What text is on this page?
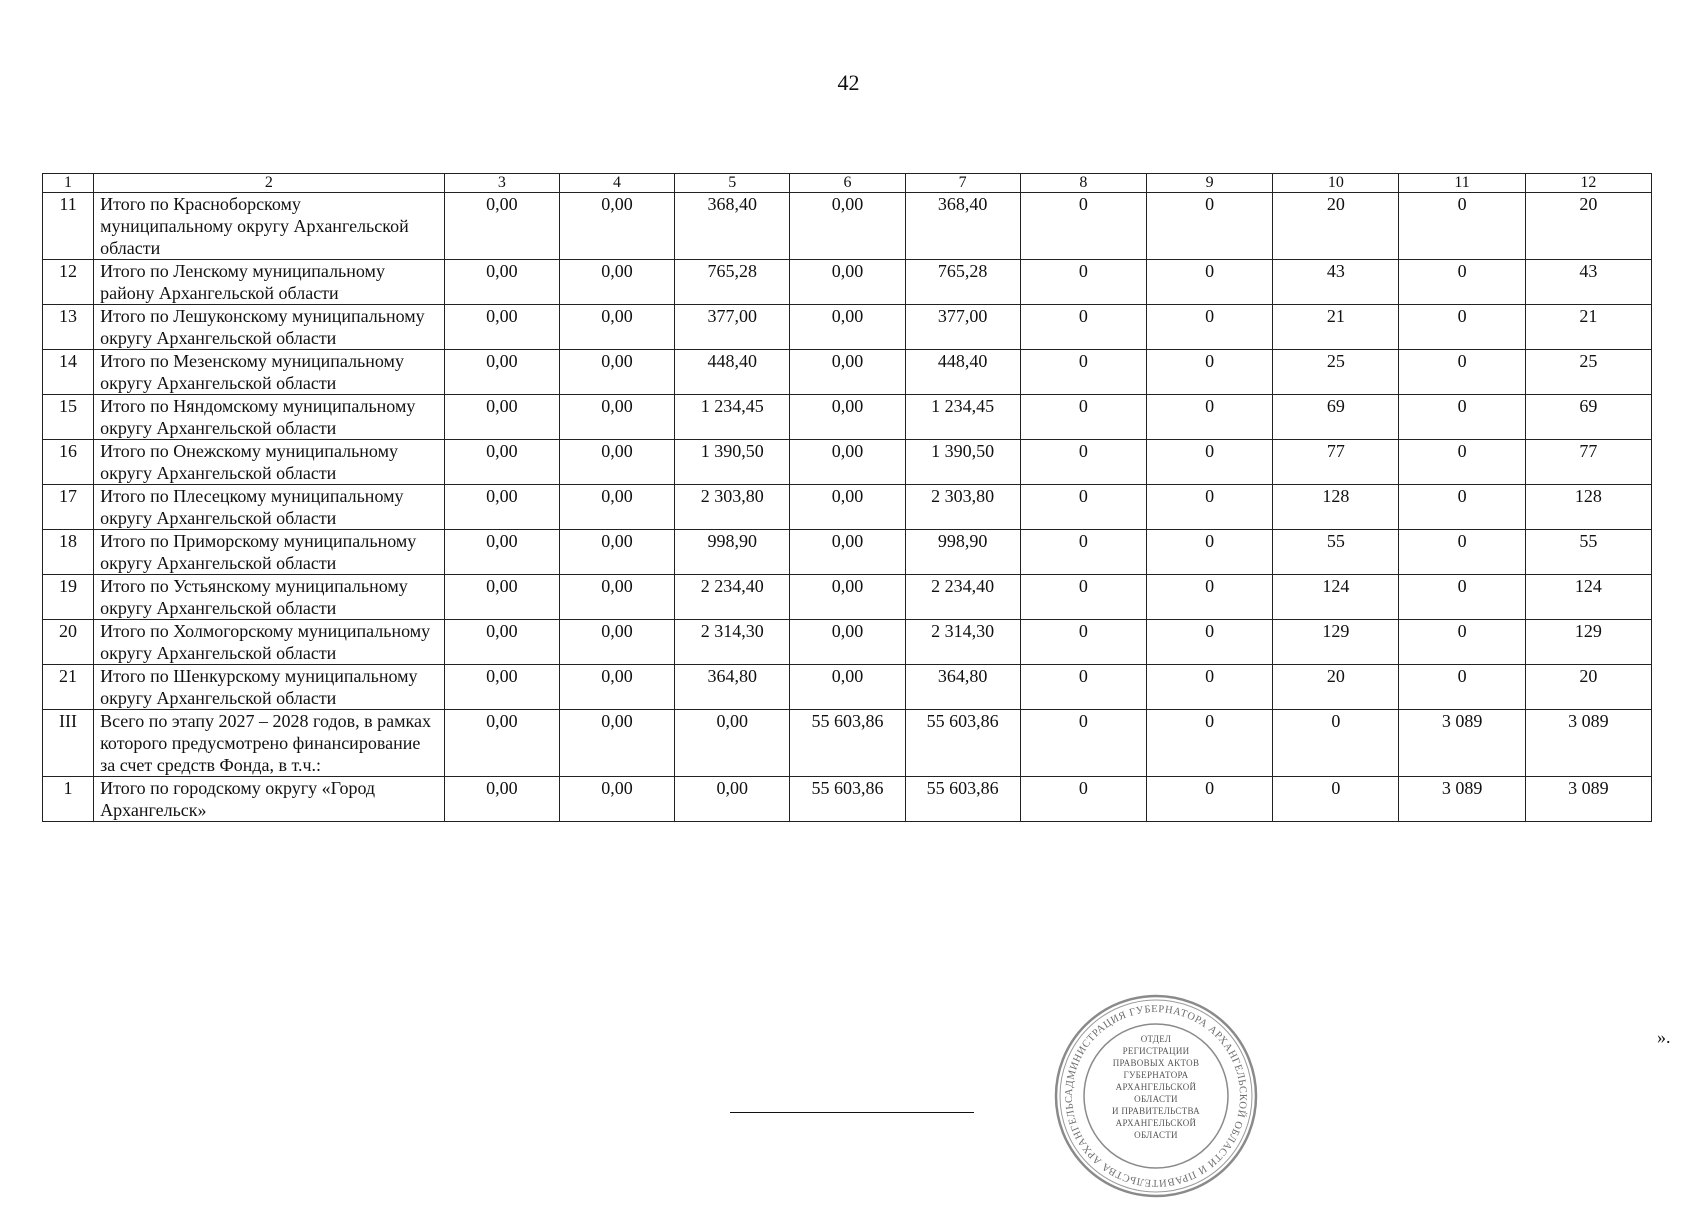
42
1	2	3	4	5	6	7	8	9	10	11	12
11	Итого по Красноборскому муниципальному округу Архангельской области	0,00	0,00	368,40	0,00	368,40	0	0	20	0	20
12	Итого по Ленскому муниципальному району Архангельской области	0,00	0,00	765,28	0,00	765,28	0	0	43	0	43
13	Итого по Лешуконскому муниципальному округу Архангельской области	0,00	0,00	377,00	0,00	377,00	0	0	21	0	21
14	Итого по Мезенскому муниципальному округу Архангельской области	0,00	0,00	448,40	0,00	448,40	0	0	25	0	25
15	Итого по Няндомскому муниципальному округу Архангельской области	0,00	0,00	1 234,45	0,00	1 234,45	0	0	69	0	69
16	Итого по Онежскому муниципальному округу Архангельской области	0,00	0,00	1 390,50	0,00	1 390,50	0	0	77	0	77
17	Итого по Плесецкому муниципальному округу Архангельской области	0,00	0,00	2 303,80	0,00	2 303,80	0	0	128	0	128
18	Итого по Приморскому муниципальному округу Архангельской области	0,00	0,00	998,90	0,00	998,90	0	0	55	0	55
19	Итого по Устьянскому муниципальному округу Архангельской области	0,00	0,00	2 234,40	0,00	2 234,40	0	0	124	0	124
20	Итого по Холмогорскому муниципальному округу Архангельской области	0,00	0,00	2 314,30	0,00	2 314,30	0	0	129	0	129
21	Итого по Шенкурскому муниципальному округу Архангельской области	0,00	0,00	364,80	0,00	364,80	0	0	20	0	20
III	Всего по этапу 2027 – 2028 годов, в рамках которого предусмотрено финансирование за счет средств Фонда, в т.ч.:	0,00	0,00	0,00	55 603,86	55 603,86	0	0	0	3 089	3 089
1	Итого по городскому округу «Город Архангельск»	0,00	0,00	0,00	55 603,86	55 603,86	0	0	0	3 089	3 089
».
АДМИНИСТРАЦИЯ ГУБЕРНАТОРА АРХАНГЕЛЬСКОЙ ОБЛАСТИ И ПРАВИТЕЛЬСТВА АРХАНГЕЛЬС
ОТДЕЛ
РЕГИСТРАЦИИ
ПРАВОВЫХ АКТОВ
ГУБЕРНАТОРА
АРХАНГЕЛЬСКОЙ
ОБЛАСТИ
И ПРАВИТЕЛЬСТВА
АРХАНГЕЛЬСКОЙ
ОБЛАСТИ
